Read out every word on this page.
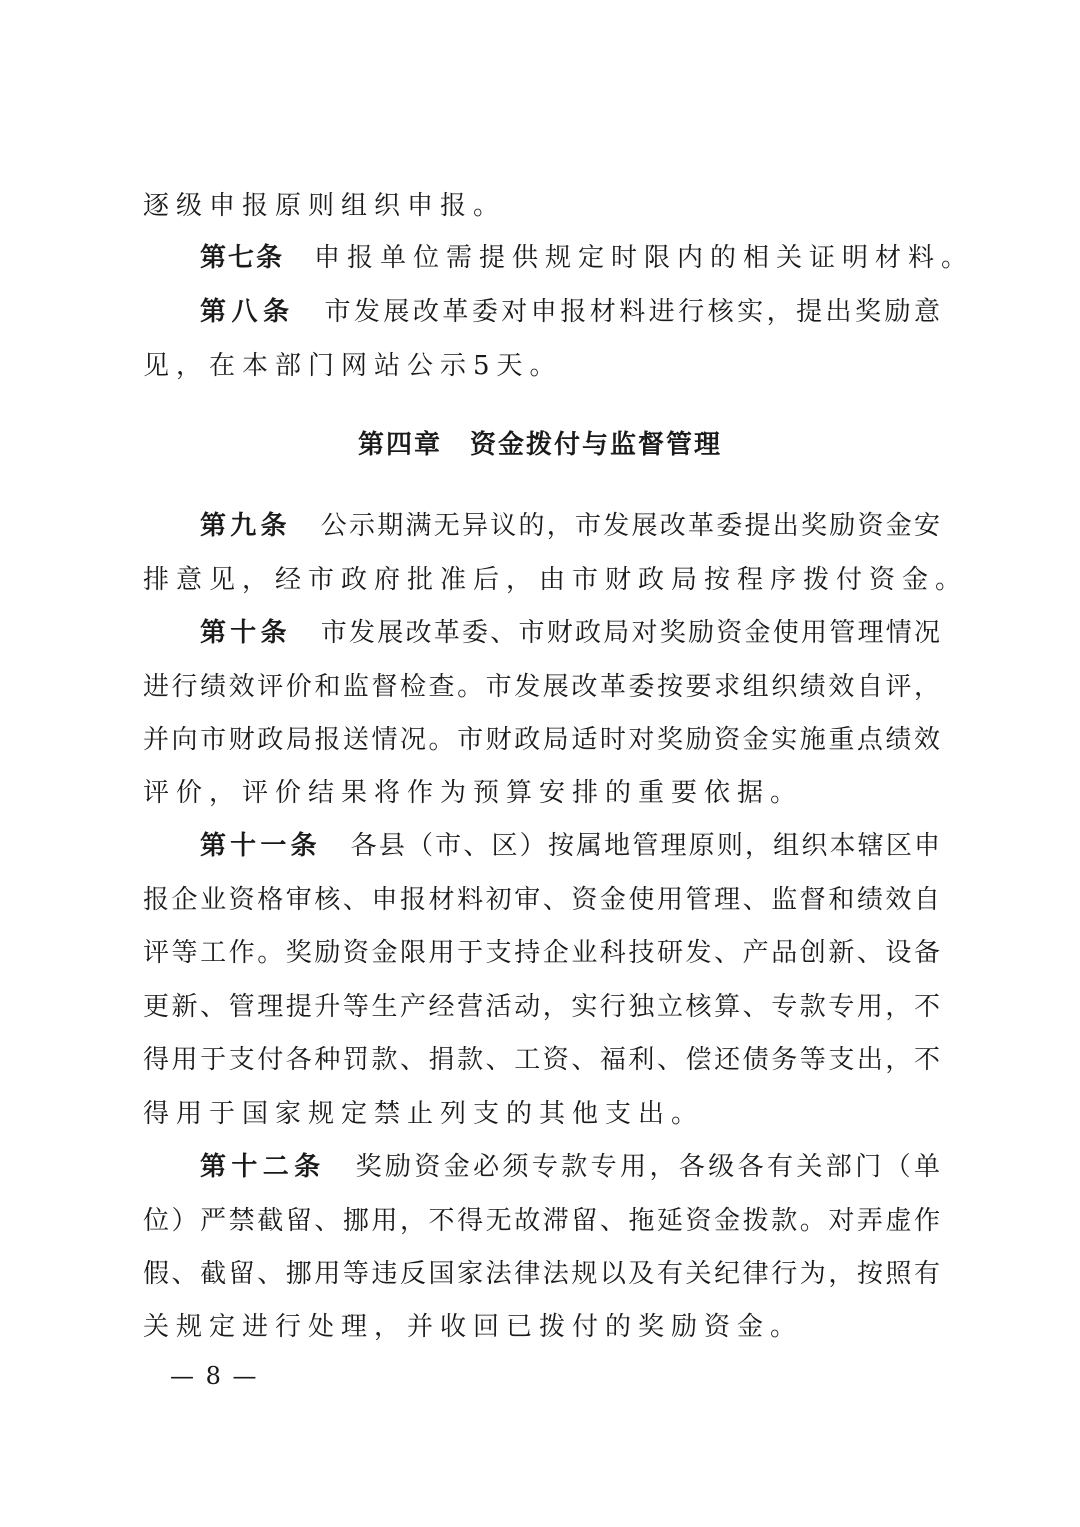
逐级申报原则组织申报。
第七条 申报单位需提供规定时限内的相关证明材料。
第八条 市发展改革委对申报材料进行核实，提出奖励意
见，在本部门网站公示5天。
第四章 资金拨付与监督管理
第九条 公示期满无异议的，市发展改革委提出奖励资金安
排意见，经市政府批准后，由市财政局按程序拨付资金。
第十条 市发展改革委、市财政局对奖励资金使用管理情况
进行绩效评价和监督检查。市发展改革委按要求组织绩效自评，
并向市财政局报送情况。市财政局适时对奖励资金实施重点绩效
评价，评价结果将作为预算安排的重要依据。
第十一条 各县（市、区）按属地管理原则，组织本辖区申
报企业资格审核、申报材料初审、资金使用管理、监督和绩效自
评等工作。奖励资金限用于支持企业科技研发、产品创新、设备
更新、管理提升等生产经营活动，实行独立核算、专款专用，不
得用于支付各种罚款、捐款、工资、福利、偿还债务等支出，不
得用于国家规定禁止列支的其他支出。
第十二条 奖励资金必须专款专用，各级各有关部门（单
位）严禁截留、挪用，不得无故滞留、拖延资金拨款。对弄虚作
假、截留、挪用等违反国家法律法规以及有关纪律行为，按照有
关规定进行处理，并收回已拨付的奖励资金。
— 8 —
